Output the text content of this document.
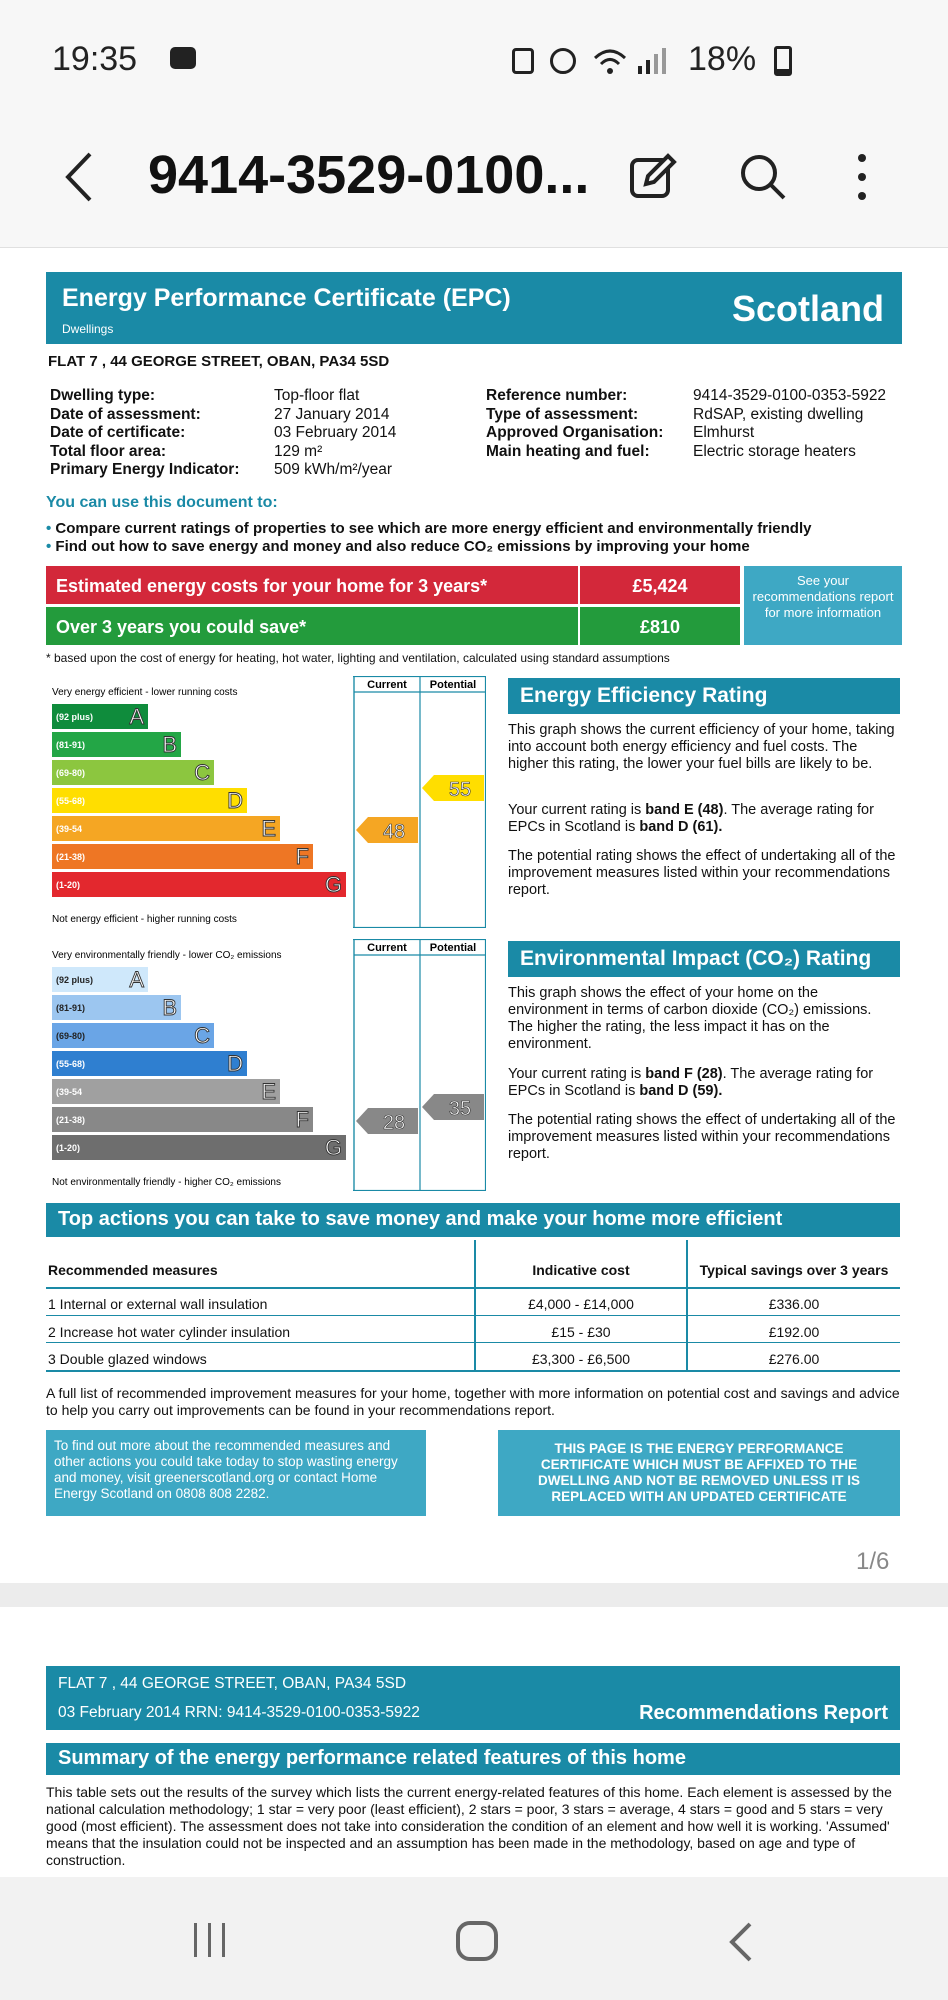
19:35	18%
9414-3529-0100...
Energy Performance Certificate (EPC)
Dwellings	Scotland
FLAT 7 , 44 GEORGE STREET, OBAN, PA34 5SD
Dwelling type:	Top-floor flat
Date of assessment:	27 January 2014
Date of certificate:	03 February 2014
Total floor area:	129 m²
Primary Energy Indicator: 509 kWh/m²/year
Reference number:	9414-3529-0100-0353-5922
Type of assessment:	RdSAP, existing dwelling
Approved Organisation: Elmhurst
Main heating and fuel:	Electric storage heaters
You can use this document to:
• Compare current ratings of properties to see which are more energy efficient and environmentally friendly
• Find out how to save energy and money and also reduce CO₂ emissions by improving your home
Estimated energy costs for your home for 3 years*	£5,424
Over 3 years you could save*	£810
See your recommendations report for more information
* based upon the cost of energy for heating, hot water, lighting and ventilation, calculated using standard assumptions
Current Potential
Very energy efficient - lower running costs
Not energy efficient - higher running costs
(92 plus) A
(81-91)	B
(69-80)	C
(55-68)	D
(39-54	E
(21-38)	F
(1-20)	G
48
55
Energy Efficiency Rating
This graph shows the current efficiency of your home, taking into account both energy efficiency and fuel costs. The higher this rating, the lower your fuel bills are likely to be.
Your current rating is band E (48). The average rating for EPCs in Scotland is band D (61).
The potential rating shows the effect of undertaking all of the improvement measures listed within your recommendations report.
Current Potential
Very environmentally friendly - lower CO₂ emissions
Not environmentally friendly - higher CO₂ emissions
(92 plus) A
(81-91)	B
(69-80)	C
(55-68)	D
(39-54	E
(21-38)	F
(1-20)	G
28
35
Environmental Impact (CO₂) Rating
This graph shows the effect of your home on the environment in terms of carbon dioxide (CO₂) emissions. The higher the rating, the less impact it has on the environment.
Your current rating is band F (28). The average rating for EPCs in Scotland is band D (59).
The potential rating shows the effect of undertaking all of the improvement measures listed within your recommendations report.
Top actions you can take to save money and make your home more efficient
Recommended measures	Indicative cost	Typical savings over 3 years
1 Internal or external wall insulation	£4,000 - £14,000	£336.00
2 Increase hot water cylinder insulation	£15 - £30	£192.00
3 Double glazed windows	£3,300 - £6,500	£276.00
A full list of recommended improvement measures for your home, together with more information on potential cost and savings and advice to help you carry out improvements can be found in your recommendations report.
To find out more about the recommended measures and other actions you could take today to stop wasting energy and money, visit greenerscotland.org or contact Home Energy Scotland on 0808 808 2282.
THIS PAGE IS THE ENERGY PERFORMANCE CERTIFICATE WHICH MUST BE AFFIXED TO THE DWELLING AND NOT BE REMOVED UNLESS IT IS REPLACED WITH AN UPDATED CERTIFICATE
1/6
FLAT 7 , 44 GEORGE STREET, OBAN, PA34 5SD
03 February 2014 RRN: 9414-3529-0100-0353-5922	Recommendations Report
Summary of the energy performance related features of this home
This table sets out the results of the survey which lists the current energy-related features of this home. Each element is assessed by the national calculation methodology; 1 star = very poor (least efficient), 2 stars = poor, 3 stars = average, 4 stars = good and 5 stars = very good (most efficient). The assessment does not take into consideration the condition of an element and how well it is working. 'Assumed' means that the insulation could not be inspected and an assumption has been made in the methodology, based on age and type of construction.
